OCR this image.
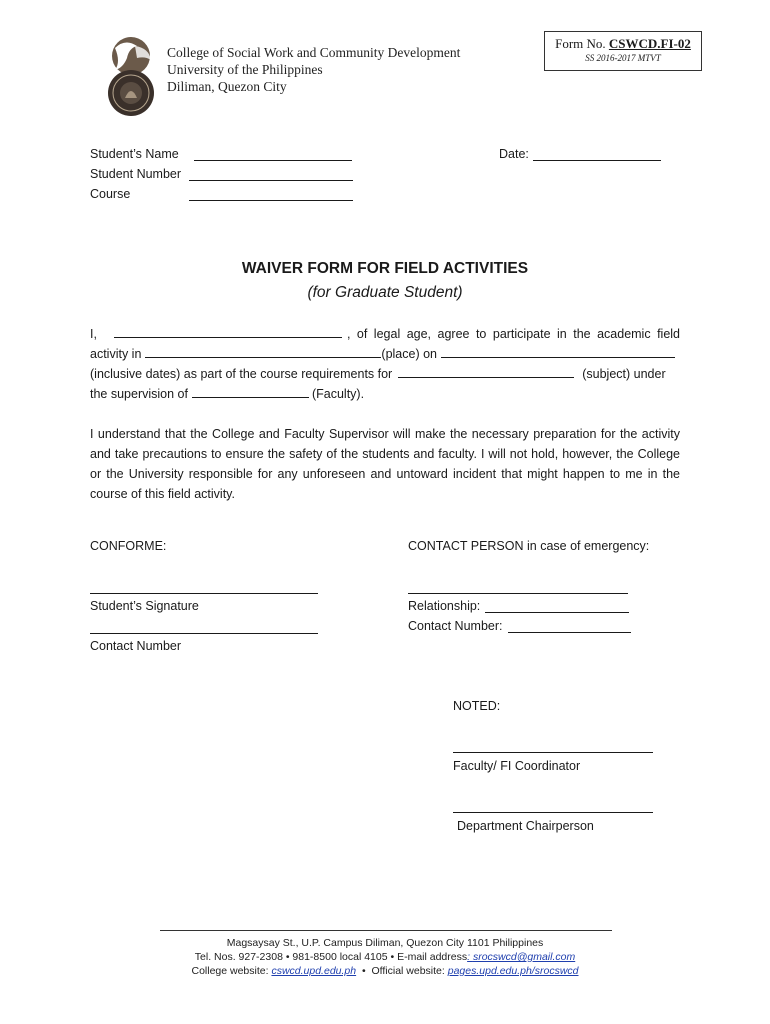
College of Social Work and Community Development
University of the Philippines
Diliman, Quezon City
Form No. CSWCD.FI-02
SS 2016-2017 MTVT
Student’s Name
Student Number
Course
Date:
WAIVER FORM FOR FIELD ACTIVITIES
(for Graduate Student)
I,	, of legal age, agree to participate in the academic field
activity in	(place) on
(inclusive dates) as part of the course requirements for	(subject) under
the supervision of	(Faculty).
I understand that the College and Faculty Supervisor will make the necessary preparation for the activity and take precautions to ensure the safety of the students and faculty. I will not hold, however, the College or the University responsible for any unforeseen and untoward incident that might happen to me in the course of this field activity.
CONFORME:
Student’s Signature
Contact Number
CONTACT PERSON in case of emergency:
Relationship:
Contact Number:
NOTED:
Faculty/ FI Coordinator
Department Chairperson
Magsaysay St., U.P. Campus Diliman, Quezon City 1101 Philippines
Tel. Nos. 927-2308 • 981-8500 local 4105 • E-mail address: srocswcd@gmail.com
College website: cswcd.upd.edu.ph  •  Official website: pages.upd.edu.ph/srocswcd
